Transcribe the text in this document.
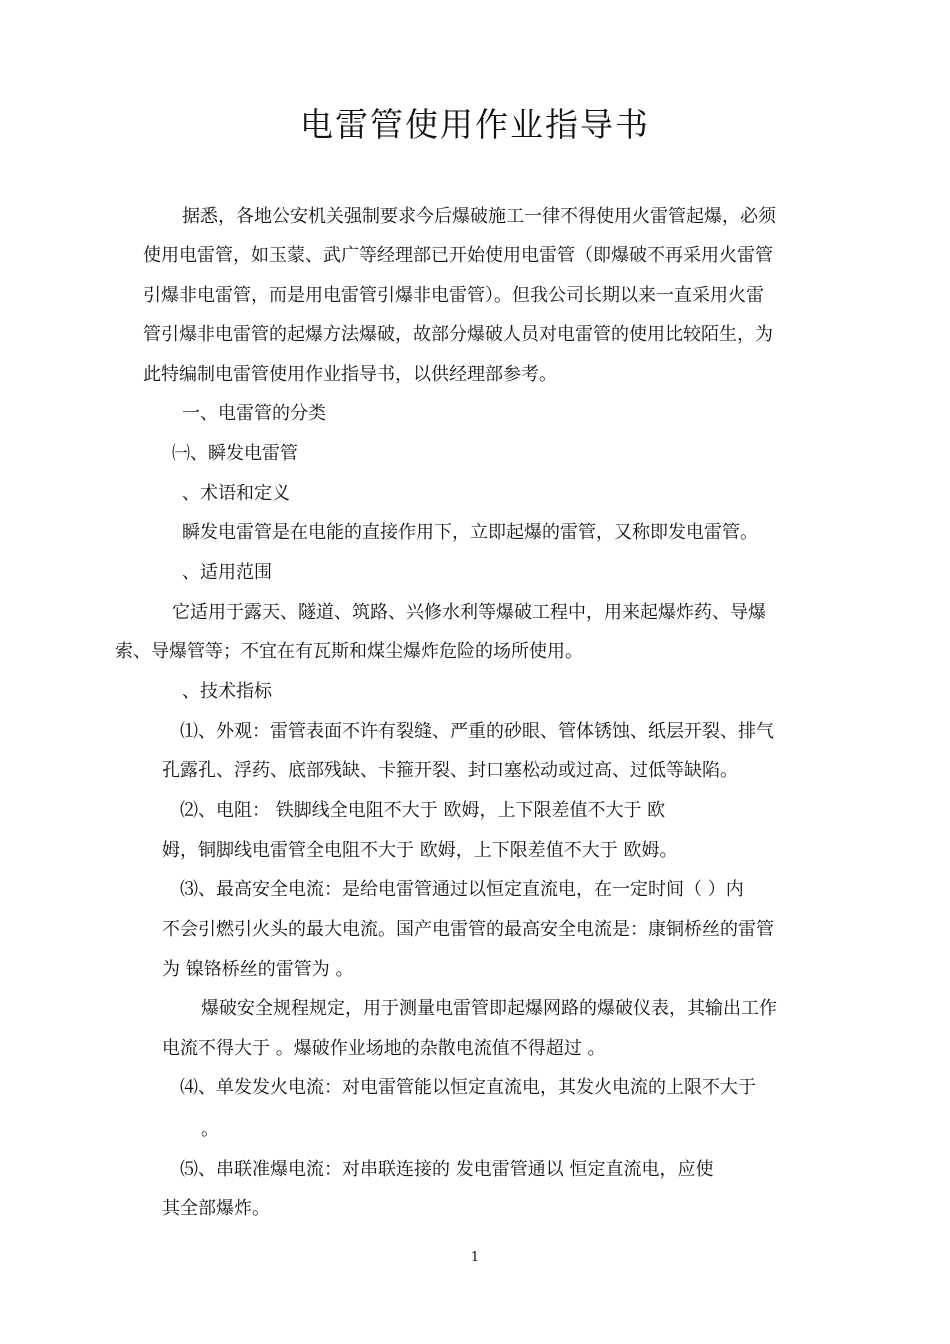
电雷管使用作业指导书
据悉，各地公安机关强制要求今后爆破施工一律不得使用火雷管起爆，必须
使用电雷管，如玉蒙、武广等经理部已开始使用电雷管（即爆破不再采用火雷管
引爆非电雷管，而是用电雷管引爆非电雷管）。但我公司长期以来一直采用火雷
管引爆非电雷管的起爆方法爆破，故部分爆破人员对电雷管的使用比较陌生，为
此特编制电雷管使用作业指导书，以供经理部参考。
一、电雷管的分类
㈠、瞬发电雷管
、术语和定义
瞬发电雷管是在电能的直接作用下，立即起爆的雷管，又称即发电雷管。
、适用范围
它适用于露天、隧道、筑路、兴修水利等爆破工程中，用来起爆炸药、导爆
索、导爆管等；不宜在有瓦斯和煤尘爆炸危险的场所使用。
、技术指标
⑴、外观：雷管表面不许有裂缝、严重的砂眼、管体锈蚀、纸层开裂、排气
孔露孔、浮药、底部残缺、卡箍开裂、封口塞松动或过高、过低等缺陷。
⑵、电阻： 铁脚线全电阻不大于 欧姆，上下限差值不大于 欧
姆，铜脚线电雷管全电阻不大于 欧姆，上下限差值不大于 欧姆。
⑶、最高安全电流：是给电雷管通过以恒定直流电，在一定时间（ ）内
不会引燃引火头的最大电流。国产电雷管的最高安全电流是：康铜桥丝的雷管
为 镍铬桥丝的雷管为 。
爆破安全规程规定，用于测量电雷管即起爆网路的爆破仪表，其输出工作
电流不得大于 。爆破作业场地的杂散电流值不得超过 。
⑷、单发发火电流：对电雷管能以恒定直流电，其发火电流的上限不大于
。
⑸、串联准爆电流：对串联连接的 发电雷管通以 恒定直流电，应使
其全部爆炸。
1
